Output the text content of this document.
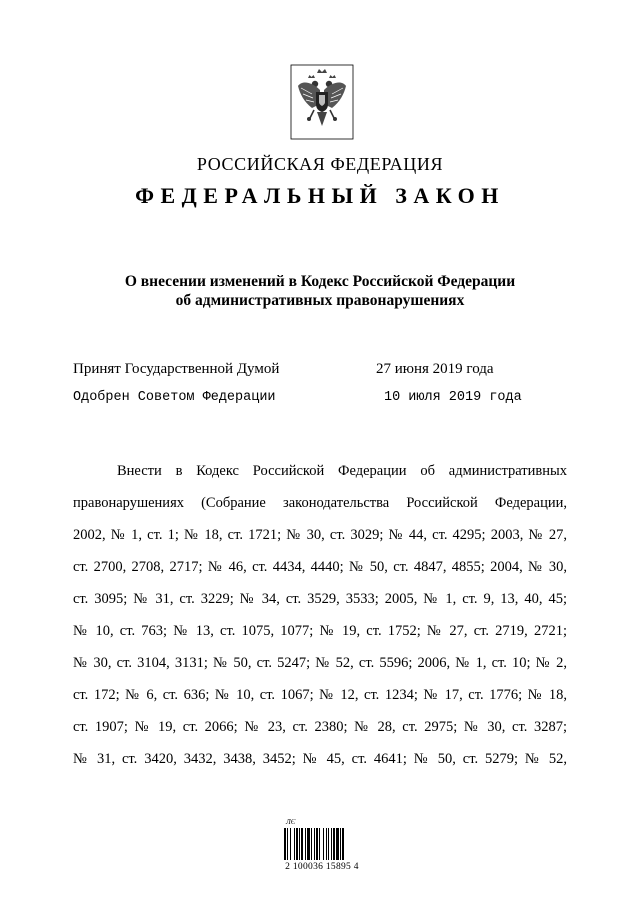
РОССИЙСКАЯ ФЕДЕРАЦИЯ
ФЕДЕРАЛЬНЫЙ ЗАКОН
О внесении изменений в Кодекс Российской Федерации
об административных правонарушениях
Принят Государственной Думой	27 июня 2019 года
Одобрен Советом Федерации	10 июля 2019 года
Внести в Кодекс Российской Федерации об административных
правонарушениях (Собрание законодательства Российской Федерации,
2002, № 1, ст. 1; № 18, ст. 1721; № 30, ст. 3029; № 44, ст. 4295; 2003, № 27,
ст. 2700, 2708, 2717; № 46, ст. 4434, 4440; № 50, ст. 4847, 4855; 2004, № 30,
ст. 3095; № 31, ст. 3229; № 34, ст. 3529, 3533; 2005, № 1, ст. 9, 13, 40, 45;
№ 10, ст. 763; № 13, ст. 1075, 1077; № 19, ст. 1752; № 27, ст. 2719, 2721;
№ 30, ст. 3104, 3131; № 50, ст. 5247; № 52, ст. 5596; 2006, № 1, ст. 10; № 2,
ст. 172; № 6, ст. 636; № 10, ст. 1067; № 12, ст. 1234; № 17, ст. 1776; № 18,
ст. 1907; № 19, ст. 2066; № 23, ст. 2380; № 28, ст. 2975; № 30, ст. 3287;
№ 31, ст. 3420, 3432, 3438, 3452; № 45, ст. 4641; № 50, ст. 5279; № 52,
ЛЄ
2 100036 15895 4
